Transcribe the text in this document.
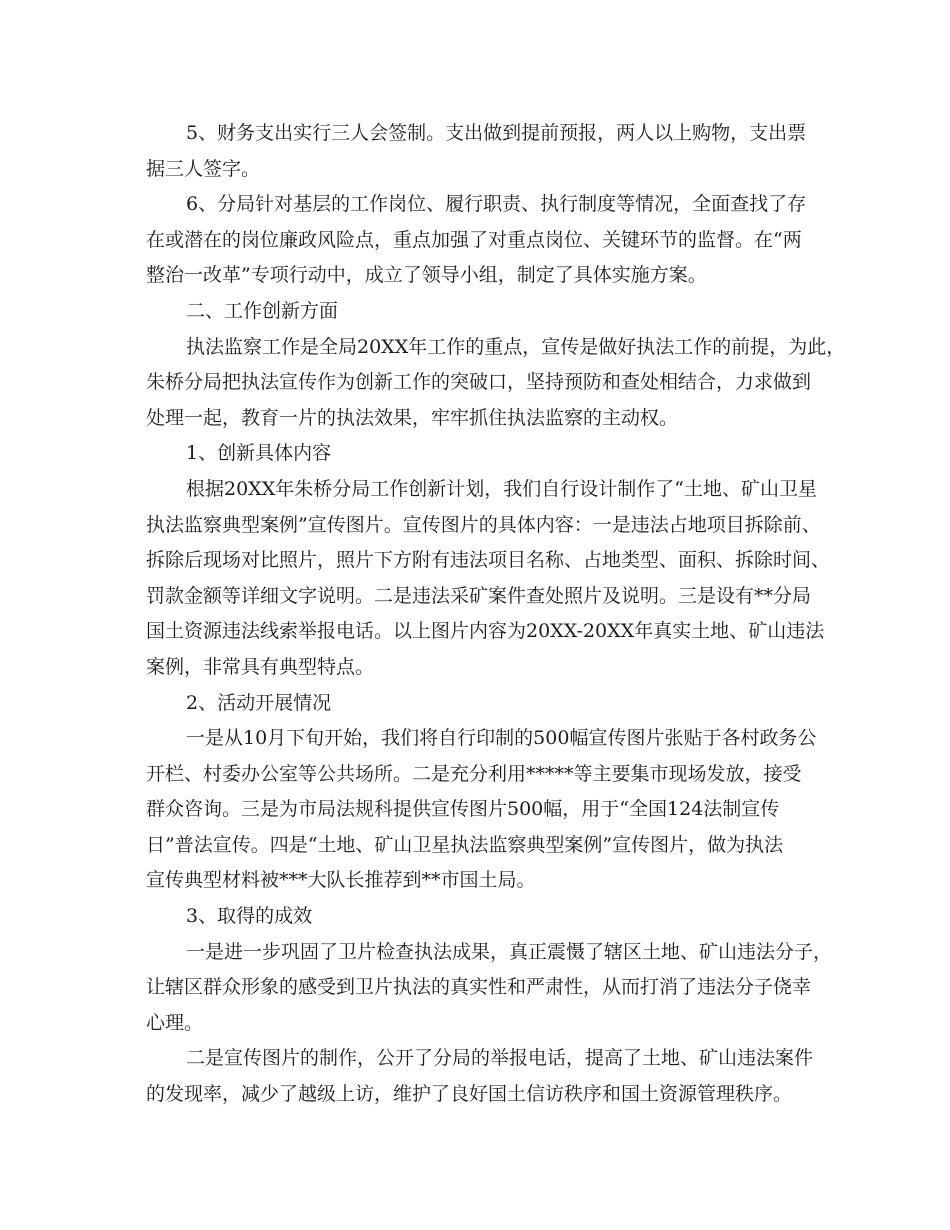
5、财务支出实行三人会签制。支出做到提前预报，两人以上购物，支出票
据三人签字。
6、分局针对基层的工作岗位、履行职责、执行制度等情况，全面查找了存
在或潜在的岗位廉政风险点，重点加强了对重点岗位、关键环节的监督。在“两
整治一改革”专项行动中，成立了领导小组，制定了具体实施方案。
二、工作创新方面
执法监察工作是全局20XX年工作的重点，宣传是做好执法工作的前提，为此，
朱桥分局把执法宣传作为创新工作的突破口，坚持预防和查处相结合，力求做到
处理一起，教育一片的执法效果，牢牢抓住执法监察的主动权。
1、创新具体内容
根据20XX年朱桥分局工作创新计划，我们自行设计制作了“土地、矿山卫星
执法监察典型案例”宣传图片。宣传图片的具体内容：一是违法占地项目拆除前、
拆除后现场对比照片，照片下方附有违法项目名称、占地类型、面积、拆除时间、
罚款金额等详细文字说明。二是违法采矿案件查处照片及说明。三是设有**分局
国土资源违法线索举报电话。以上图片内容为20XX-20XX年真实土地、矿山违法
案例，非常具有典型特点。
2、活动开展情况
一是从10月下旬开始，我们将自行印制的500幅宣传图片张贴于各村政务公
开栏、村委办公室等公共场所。二是充分利用*****等主要集市现场发放，接受
群众咨询。三是为市局法规科提供宣传图片500幅，用于“全国124法制宣传
日”普法宣传。四是“土地、矿山卫星执法监察典型案例”宣传图片，做为执法
宣传典型材料被***大队长推荐到**市国土局。
3、取得的成效
一是进一步巩固了卫片检查执法成果，真正震慑了辖区土地、矿山违法分子，
让辖区群众形象的感受到卫片执法的真实性和严肃性，从而打消了违法分子侥幸
心理。
二是宣传图片的制作，公开了分局的举报电话，提高了土地、矿山违法案件
的发现率，减少了越级上访，维护了良好国土信访秩序和国土资源管理秩序。
